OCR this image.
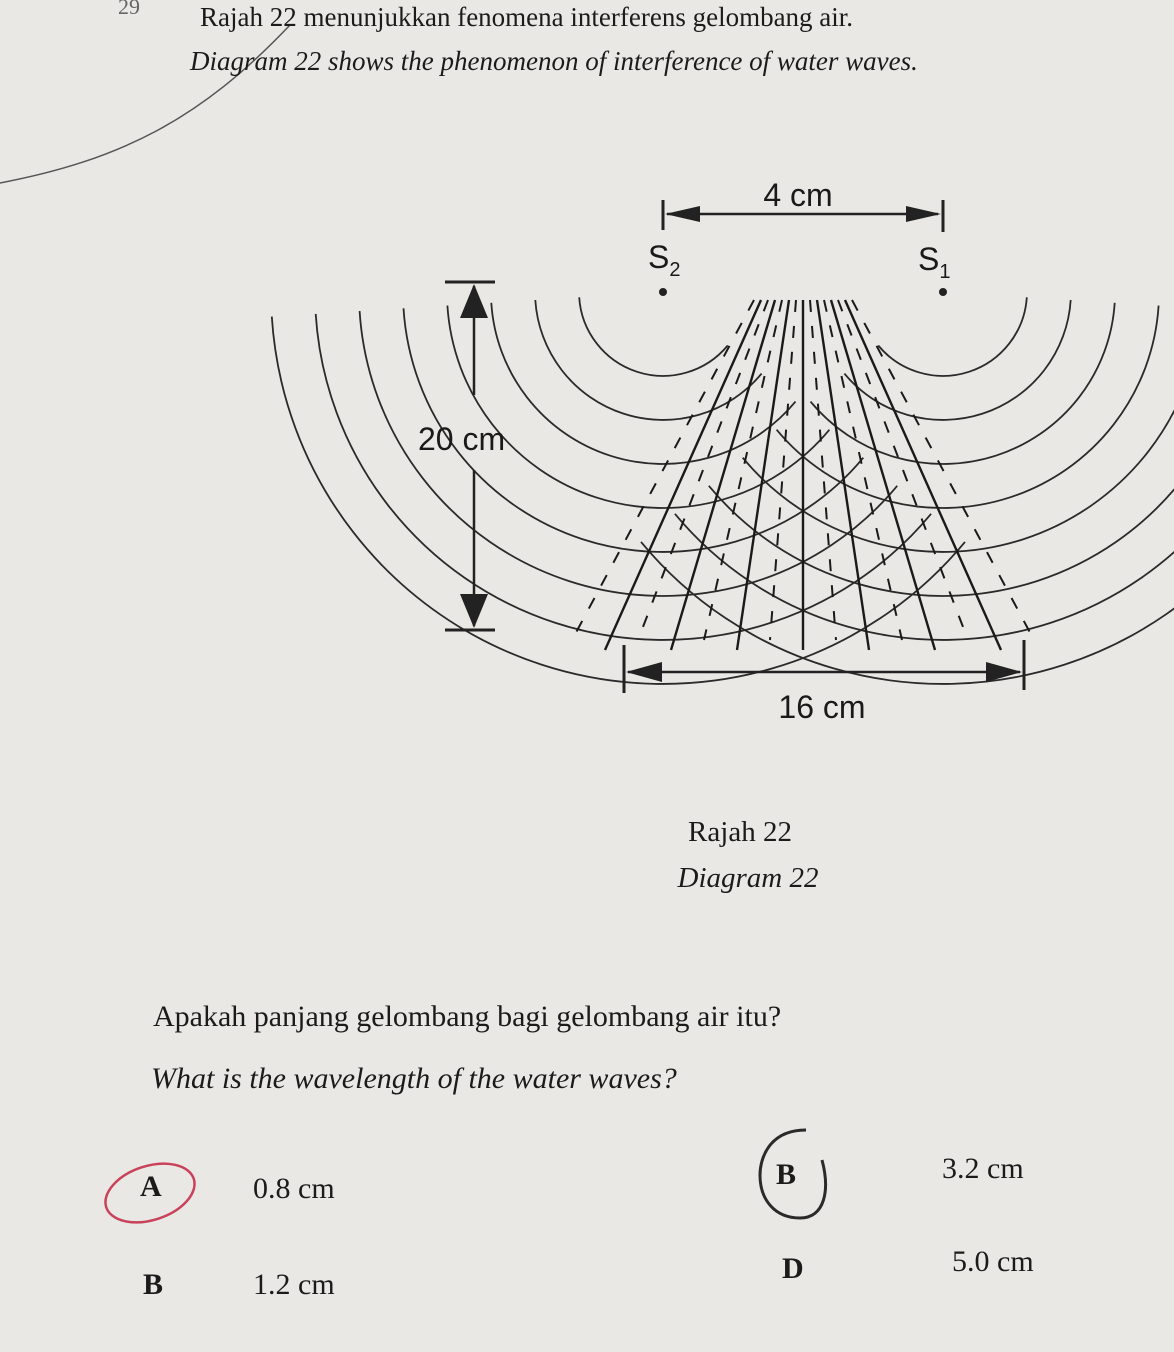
29 Rajah 22 menunjukkan fenomena interferens gelombang air.
Diagram 22 shows the phenomenon of interference of water waves.
4 cm
$S_2$	$S_1$
20 cm
16 cm
Rajah 22
Diagram 22
Apakah panjang gelombang bagi gelombang air itu?
What is the wavelength of the water waves?
A	0.8 cm
B	1.2 cm
B	3.2 cm
D	5.0 cm
